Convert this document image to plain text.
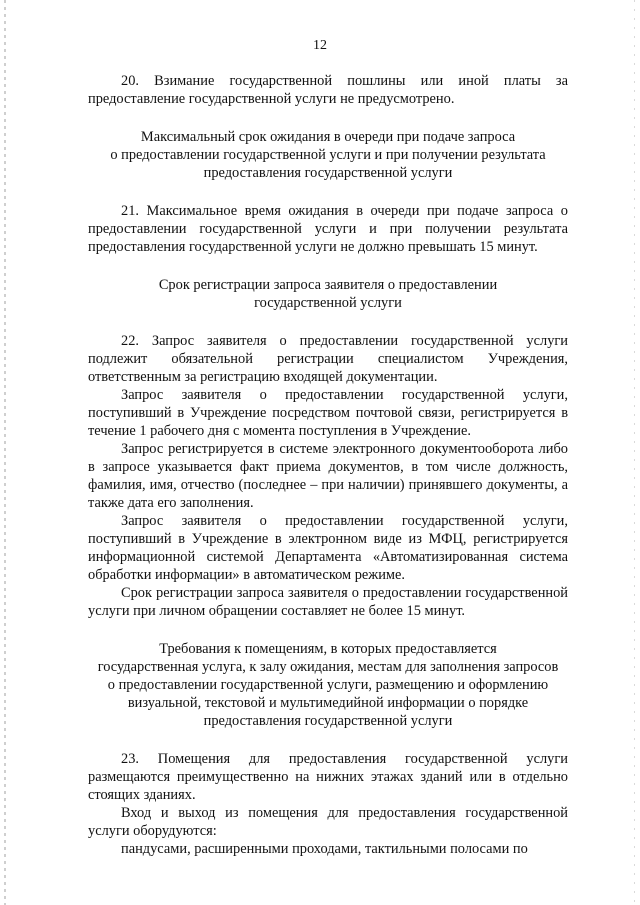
12

20. Взимание государственной пошлины или иной платы за предоставление государственной услуги не предусмотрено.

Максимальный срок ожидания в очереди при подаче запроса
о предоставлении государственной услуги и при получении результата
предоставления государственной услуги

21. Максимальное время ожидания в очереди при подаче запроса о предоставлении государственной услуги и при получении результата предоставления государственной услуги не должно превышать 15 минут.

Срок регистрации запроса заявителя о предоставлении
государственной услуги

22. Запрос заявителя о предоставлении государственной услуги подлежит обязательной регистрации специалистом Учреждения, ответственным за регистрацию входящей документации.

Запрос заявителя о предоставлении государственной услуги, поступивший в Учреждение посредством почтовой связи, регистрируется в течение 1 рабочего дня с момента поступления в Учреждение.

Запрос регистрируется в системе электронного документооборота либо в запросе указывается факт приема документов, в том числе должность, фамилия, имя, отчество (последнее – при наличии) принявшего документы, а также дата его заполнения.

Запрос заявителя о предоставлении государственной услуги, поступивший в Учреждение в электронном виде из МФЦ, регистрируется информационной системой Департамента «Автоматизированная система обработки информации» в автоматическом режиме.

Срок регистрации запроса заявителя о предоставлении государственной услуги при личном обращении составляет не более 15 минут.

Требования к помещениям, в которых предоставляется
государственная услуга, к залу ожидания, местам для заполнения запросов
о предоставлении государственной услуги, размещению и оформлению
визуальной, текстовой и мультимедийной информации о порядке
предоставления государственной услуги

23. Помещения для предоставления государственной услуги размещаются преимущественно на нижних этажах зданий или в отдельно стоящих зданиях.

Вход и выход из помещения для предоставления государственной услуги оборудуются:

пандусами, расширенными проходами, тактильными полосами по
